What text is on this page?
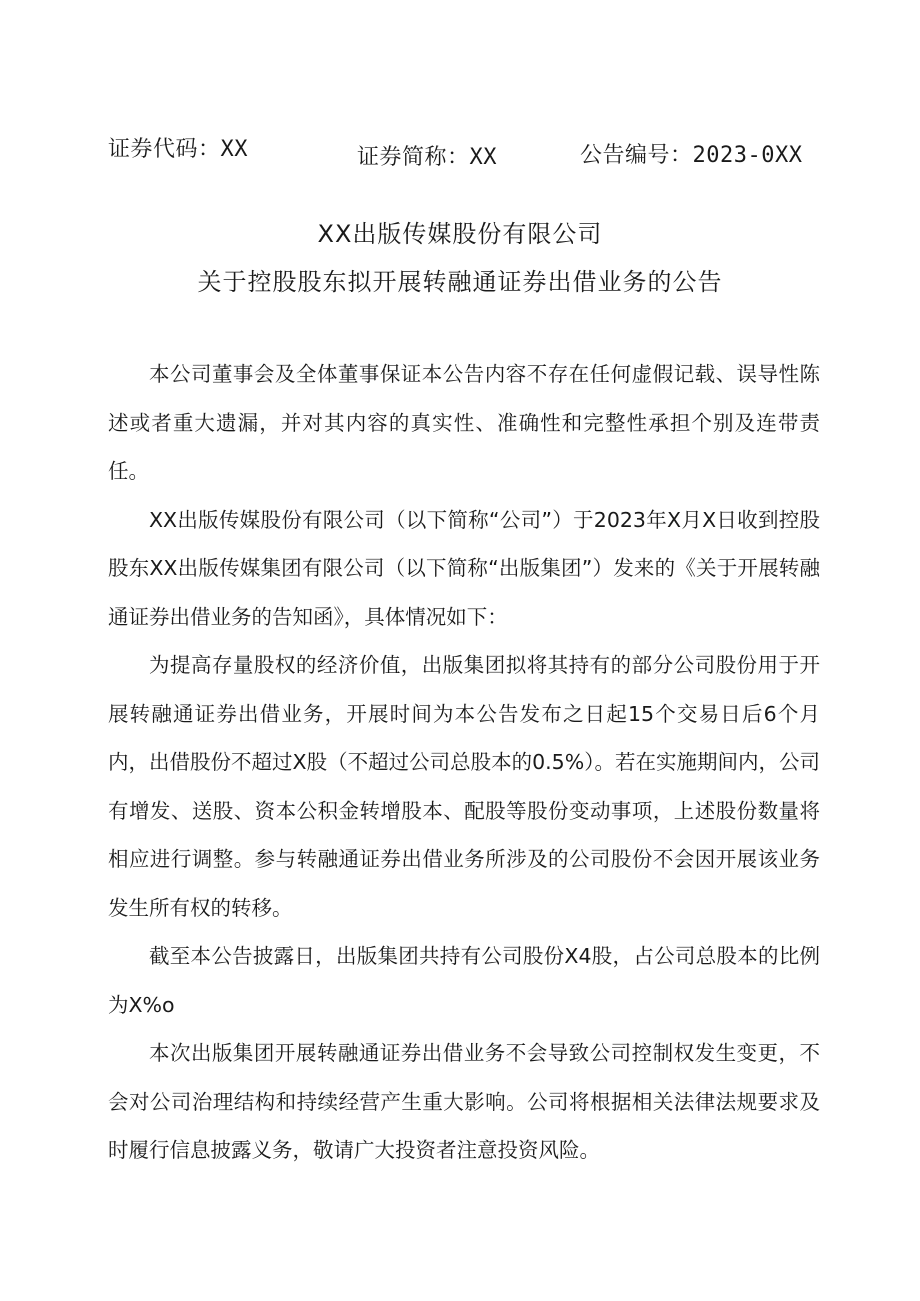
证券代码：XX	证券简称：XX	公告编号：2023-0XX
XX出版传媒股份有限公司
关于控股股东拟开展转融通证券出借业务的公告

本公司董事会及全体董事保证本公告内容不存在任何虚假记载、误导性陈述或者重大遗漏，并对其内容的真实性、准确性和完整性承担个别及连带责任。

XX出版传媒股份有限公司（以下简称“公司”）于2023年X月X日收到控股股东XX出版传媒集团有限公司（以下简称“出版集团”）发来的《关于开展转融通证券出借业务的告知函》，具体情况如下：

为提高存量股权的经济价值，出版集团拟将其持有的部分公司股份用于开展转融通证券出借业务，开展时间为本公告发布之日起15个交易日后6个月内，出借股份不超过X股（不超过公司总股本的0.5%）。若在实施期间内，公司有增发、送股、资本公积金转增股本、配股等股份变动事项，上述股份数量将相应进行调整。参与转融通证券出借业务所涉及的公司股份不会因开展该业务发生所有权的转移。

截至本公告披露日，出版集团共持有公司股份X4股，占公司总股本的比例为X%o

本次出版集团开展转融通证券出借业务不会导致公司控制权发生变更，不会对公司治理结构和持续经营产生重大影响。公司将根据相关法律法规要求及时履行信息披露义务，敬请广大投资者注意投资风险。
